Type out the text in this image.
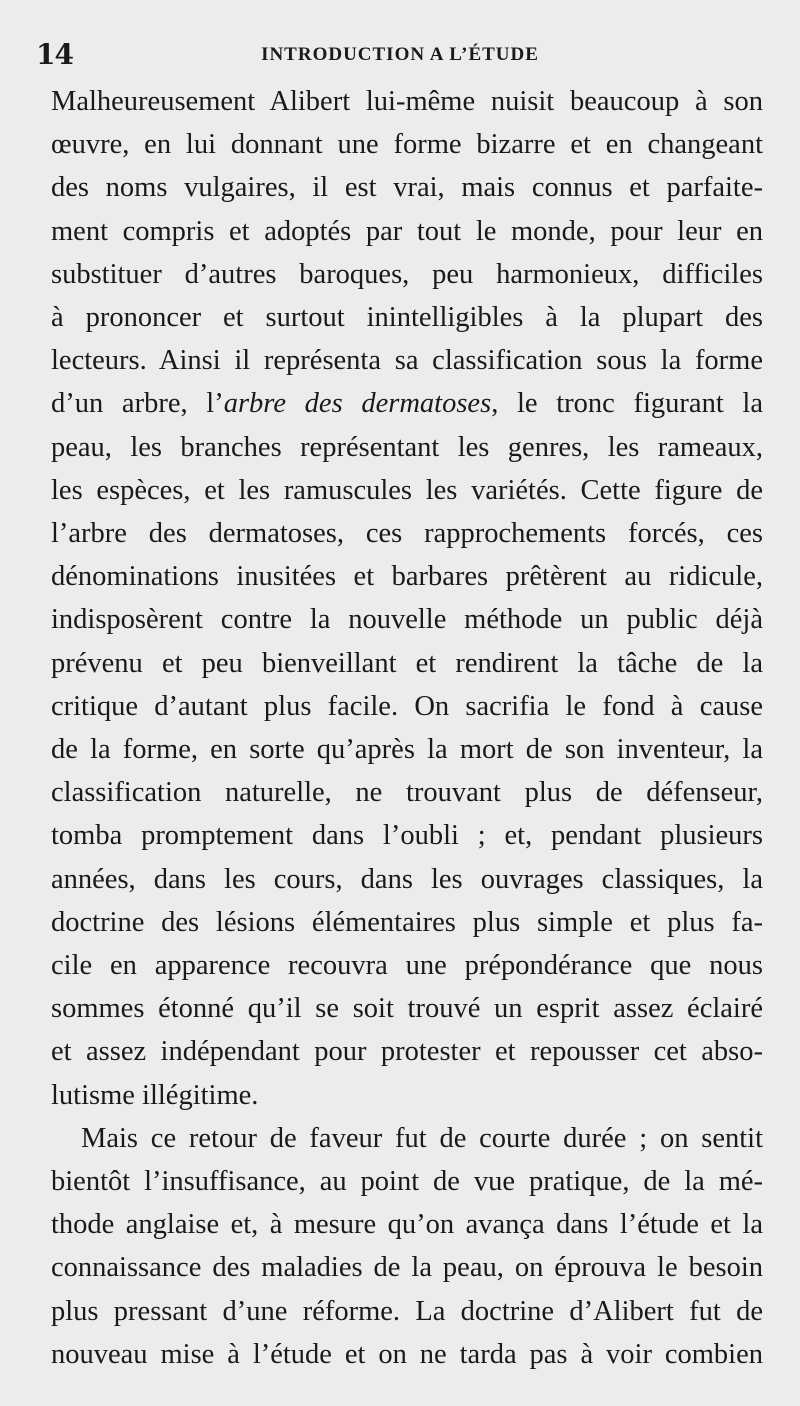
14	INTRODUCTION A L’ÉTUDE
Malheureusement Alibert lui-même nuisit beaucoup à son
œuvre, en lui donnant une forme bizarre et en changeant
des noms vulgaires, il est vrai, mais connus et parfaite-
ment compris et adoptés par tout le monde, pour leur en
substituer d’autres baroques, peu harmonieux, difficiles
à prononcer et surtout inintelligibles à la plupart des
lecteurs. Ainsi il représenta sa classification sous la forme
d’un arbre, l’arbre des dermatoses, le tronc figurant la
peau, les branches représentant les genres, les rameaux,
les espèces, et les ramuscules les variétés. Cette figure de
l’arbre des dermatoses, ces rapprochements forcés, ces
dénominations inusitées et barbares prêtèrent au ridicule,
indisposèrent contre la nouvelle méthode un public déjà
prévenu et peu bienveillant et rendirent la tâche de la
critique d’autant plus facile. On sacrifia le fond à cause
de la forme, en sorte qu’après la mort de son inventeur, la
classification naturelle, ne trouvant plus de défenseur,
tomba promptement dans l’oubli ; et, pendant plusieurs
années, dans les cours, dans les ouvrages classiques, la
doctrine des lésions élémentaires plus simple et plus fa-
cile en apparence recouvra une prépondérance que nous
sommes étonné qu’il se soit trouvé un esprit assez éclairé
et assez indépendant pour protester et repousser cet abso-
lutisme illégitime.
Mais ce retour de faveur fut de courte durée ; on sentit
bientôt l’insuffisance, au point de vue pratique, de la mé-
thode anglaise et, à mesure qu’on avança dans l’étude et la
connaissance des maladies de la peau, on éprouva le besoin
plus pressant d’une réforme. La doctrine d’Alibert fut de
nouveau mise à l’étude et on ne tarda pas à voir combien
